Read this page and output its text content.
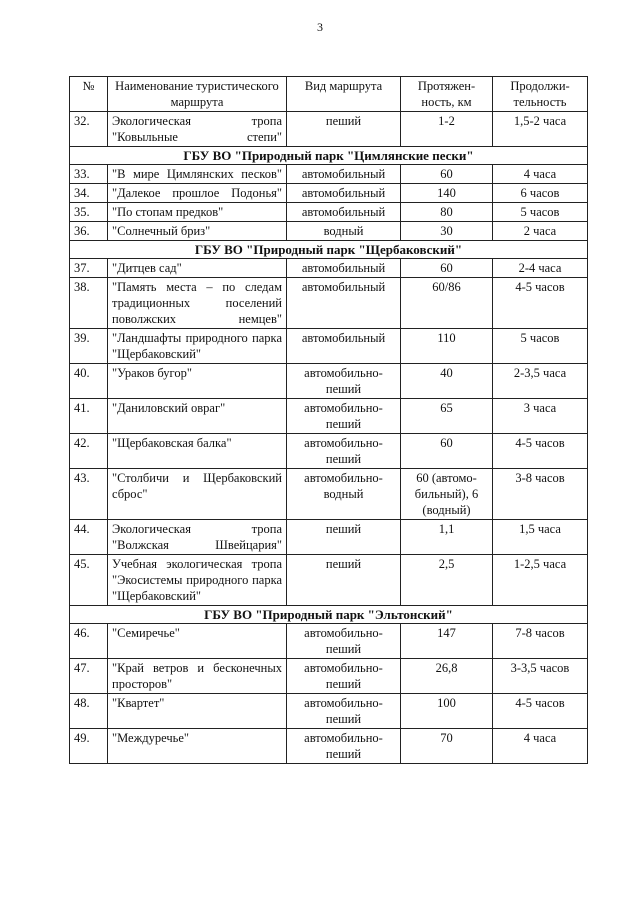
3
№	Наименование туристического маршрута	Вид маршрута	Протяжен-ность, км	Продолжи-тельность
32.	Экологическая тропа "Ковыльные степи"	пеший	1-2	1,5-2 часа
ГБУ ВО "Природный парк "Цимлянские пески"				
33.	"В мире Цимлянских песков"	автомобильный	60	4 часа
34.	"Далекое прошлое Подонья"	автомобильный	140	6 часов
35.	"По стопам предков"	автомобильный	80	5 часов
36.	"Солнечный бриз"	водный	30	2 часа
ГБУ ВО "Природный парк "Щербаковский"				
37.	"Дитцев сад"	автомобильный	60	2-4 часа
38.	"Память места – по следам традиционных поселений поволжских немцев"	автомобильный	60/86	4-5 часов
39.	"Ландшафты природного парка "Щербаковский"	автомобильный	110	5 часов
40.	"Ураков бугор"	автомобильно-пеший	40	2-3,5 часа
41.	"Даниловский овраг"	автомобильно-пеший	65	3 часа
42.	"Щербаковская балка"	автомобильно-пеший	60	4-5 часов
43.	"Столбичи и Щербаковский сброс"	автомобильно-водный	60 (автомо-бильный), 6 (водный)	3-8 часов
44.	Экологическая тропа "Волжская Швейцария"	пеший	1,1	1,5 часа
45.	Учебная экологическая тропа "Экосистемы природного парка "Щербаковский"	пеший	2,5	1-2,5 часа
ГБУ ВО "Природный парк "Эльтонский"				
46.	"Семиречье"	автомобильно-пеший	147	7-8 часов
47.	"Край ветров и бесконечных просторов"	автомобильно-пеший	26,8	3-3,5 часов
48.	"Квартет"	автомобильно-пеший	100	4-5 часов
49.	"Междуречье"	автомобильно-пеший	70	4 часа
